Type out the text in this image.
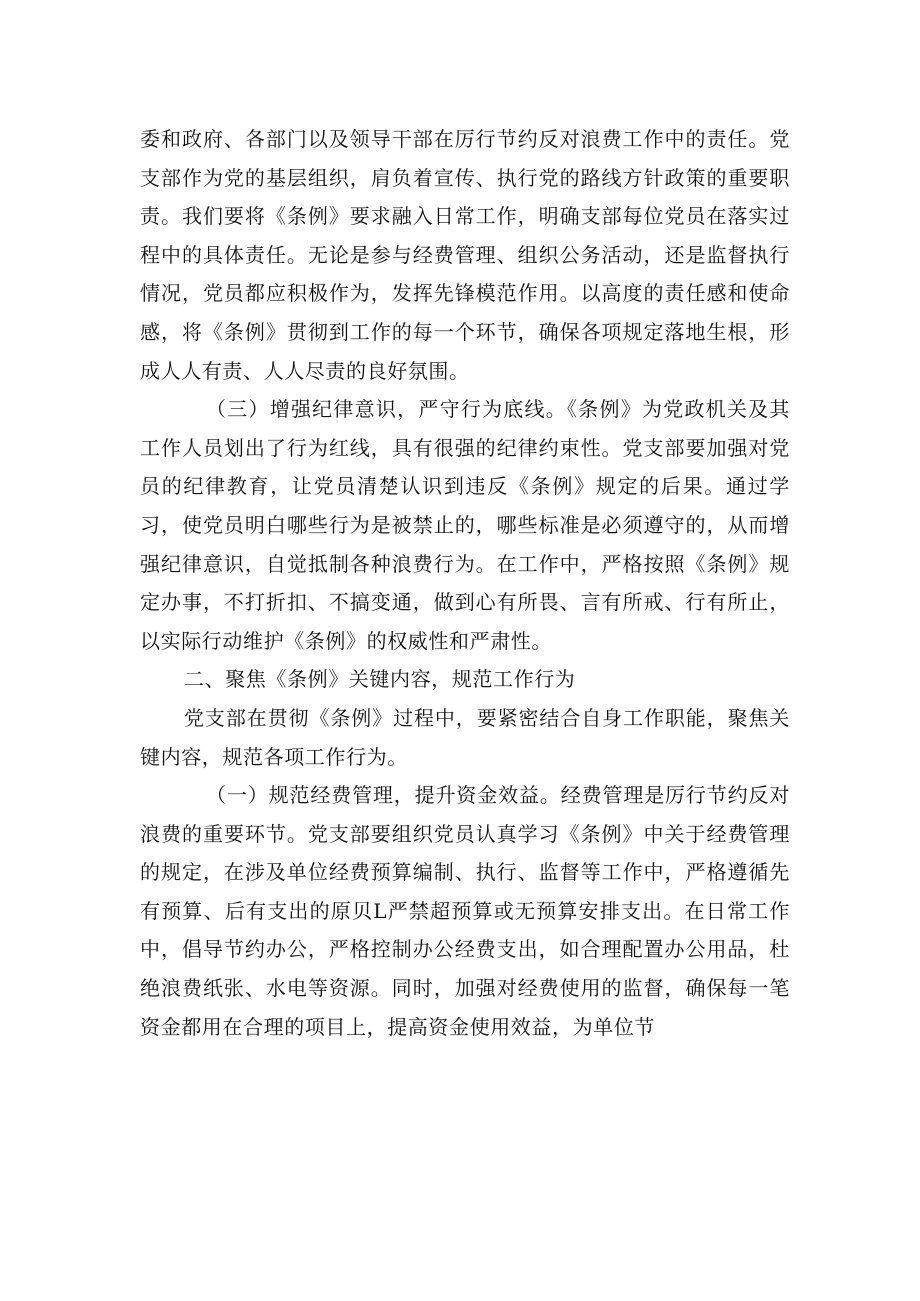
委和政府、各部门以及领导干部在厉行节约反对浪费工作中的责任。党支部作为党的基层组织，肩负着宣传、执行党的路线方针政策的重要职责。我们要将《条例》要求融入日常工作，明确支部每位党员在落实过程中的具体责任。无论是参与经费管理、组织公务活动，还是监督执行情况，党员都应积极作为，发挥先锋模范作用。以高度的责任感和使命感，将《条例》贯彻到工作的每一个环节，确保各项规定落地生根，形成人人有责、人人尽责的良好氛围。

（三）增强纪律意识，严守行为底线。《条例》为党政机关及其工作人员划出了行为红线，具有很强的纪律约束性。党支部要加强对党员的纪律教育，让党员清楚认识到违反《条例》规定的后果。通过学习，使党员明白哪些行为是被禁止的，哪些标准是必须遵守的，从而增强纪律意识，自觉抵制各种浪费行为。在工作中，严格按照《条例》规定办事，不打折扣、不搞变通，做到心有所畏、言有所戒、行有所止，以实际行动维护《条例》的权威性和严肃性。

二、聚焦《条例》关键内容，规范工作行为

党支部在贯彻《条例》过程中，要紧密结合自身工作职能，聚焦关键内容，规范各项工作行为。

（一）规范经费管理，提升资金效益。经费管理是厉行节约反对浪费的重要环节。党支部要组织党员认真学习《条例》中关于经费管理的规定，在涉及单位经费预算编制、执行、监督等工作中，严格遵循先有预算、后有支出的原贝L严禁超预算或无预算安排支出。在日常工作中，倡导节约办公，严格控制办公经费支出，如合理配置办公用品，杜绝浪费纸张、水电等资源。同时，加强对经费使用的监督，确保每一笔资金都用在合理的项目上，提高资金使用效益，为单位节
